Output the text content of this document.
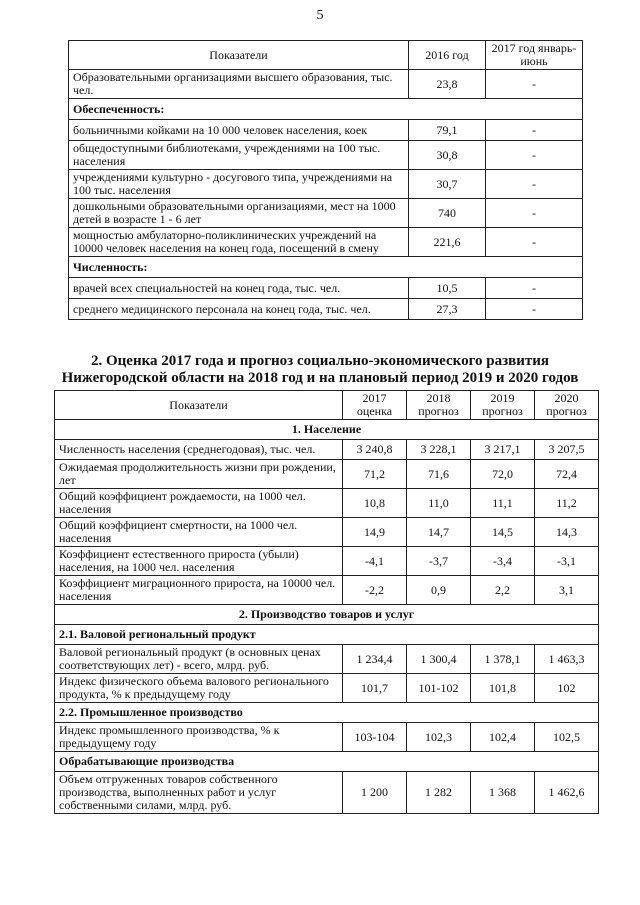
5
Показатели	2016 год	2017 год январь-июнь
Образовательными организациями высшего образования, тыс. чел.	23,8	-
Обеспеченность:		
больничными койками на 10 000 человек населения, коек	79,1	-
общедоступными библиотеками, учреждениями на 100 тыс. населения	30,8	-
учреждениями культурно - досугового типа, учреждениями на 100 тыс. населения	30,7	-
дошкольными образовательными организациями, мест на 1000 детей в возрасте 1 - 6 лет	740	-
мощностью амбулаторно-поликлинических учреждений на 10000 человек населения на конец года, посещений в смену	221,6	-
Численность:		
врачей всех специальностей на конец года, тыс. чел.	10,5	-
среднего медицинского персонала на конец года, тыс. чел.	27,3	-
2. Оценка 2017 года и прогноз социально-экономического развития
Нижегородской области на 2018 год и на плановый период 2019 и 2020 годов
Показатели	2017 оценка	2018 прогноз	2019 прогноз	2020 прогноз
1. Население				
Численность населения (среднегодовая), тыс. чел.	3 240,8	3 228,1	3 217,1	3 207,5
Ожидаемая продолжительность жизни при рождении, лет	71,2	71,6	72,0	72,4
Общий коэффициент рождаемости, на 1000 чел. населения	10,8	11,0	11,1	11,2
Общий коэффициент смертности, на 1000 чел. населения	14,9	14,7	14,5	14,3
Коэффициент естественного прироста (убыли) населения, на 1000 чел. населения	-4,1	-3,7	-3,4	-3,1
Коэффициент миграционного прироста, на 10000 чел. населения	-2,2	0,9	2,2	3,1
2. Производство товаров и услуг				
2.1. Валовой региональный продукт				
Валовой региональный продукт (в основных ценах соответствующих лет) - всего, млрд. руб.	1 234,4	1 300,4	1 378,1	1 463,3
Индекс физического объема валового регионального продукта, % к предыдущему году	101,7	101-102	101,8	102
2.2. Промышленное производство				
Индекс промышленного производства, % к предыдущему году	103-104	102,3	102,4	102,5
Обрабатывающие производства				
Объем отгруженных товаров собственного производства, выполненных работ и услуг собственными силами, млрд. руб.	1 200	1 282	1 368	1 462,6
